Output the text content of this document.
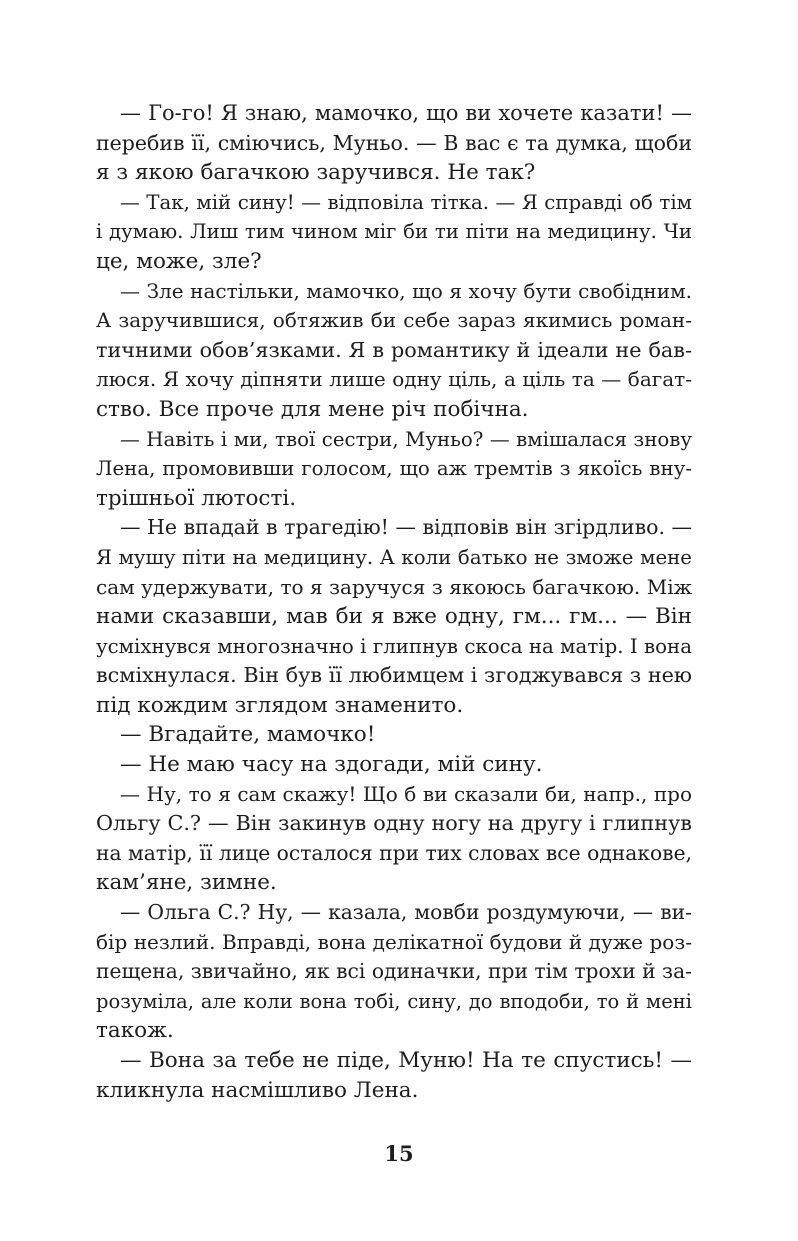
— Го-го! Я знаю, мамочко, що ви хочете казати! —
перебив її, сміючись, Муньо. — В вас є та думка, щоби
я з якою багачкою заручився. Не так?
— Так, мій сину! — відповіла тітка. — Я справді об тім
і думаю. Лиш тим чином міг би ти піти на медицину. Чи
це, може, зле?
— Зле настільки, мамочко, що я хочу бути свобідним.
А заручившися, обтяжив би себе зараз якимись роман-
тичними обов’язками. Я в романтику й ідеали не бав-
люся. Я хочу діпняти лише одну ціль, а ціль та — багат-
ство. Все проче для мене річ побічна.
— Навіть і ми, твої сестри, Муньо? — вмішалася знову
Лена, промовивши голосом, що аж тремтів з якоїсь вну-
трішньої лютості.
— Не впадай в трагедію! — відповів він згірдливо. —
Я мушу піти на медицину. А коли батько не зможе мене
сам удержувати, то я заручуся з якоюсь багачкою. Між
нами сказавши, мав би я вже одну, гм... гм... — Він
усміхнувся многозначно і глипнув скоса на матір. І вона
всміхнулася. Він був її любимцем і згоджувався з нею
під кождим зглядом знаменито.
— Вгадайте, мамочко!
— Не маю часу на здогади, мій сину.
— Ну, то я сам скажу! Що б ви сказали би, напр., про
Ольгу С.? — Він закинув одну ногу на другу і глипнув
на матір, її лице осталося при тих словах все однакове,
кам’яне, зимне.
— Ольга С.? Ну, — казала, мовби роздумуючи, — ви-
бір незлий. Вправді, вона делікатної будови й дуже роз-
пещена, звичайно, як всі одиначки, при тім трохи й за-
розуміла, але коли вона тобі, сину, до вподоби, то й мені
також.
— Вона за тебе не піде, Муню! На те спустись! —
кликнула насмішливо Лена.
15
